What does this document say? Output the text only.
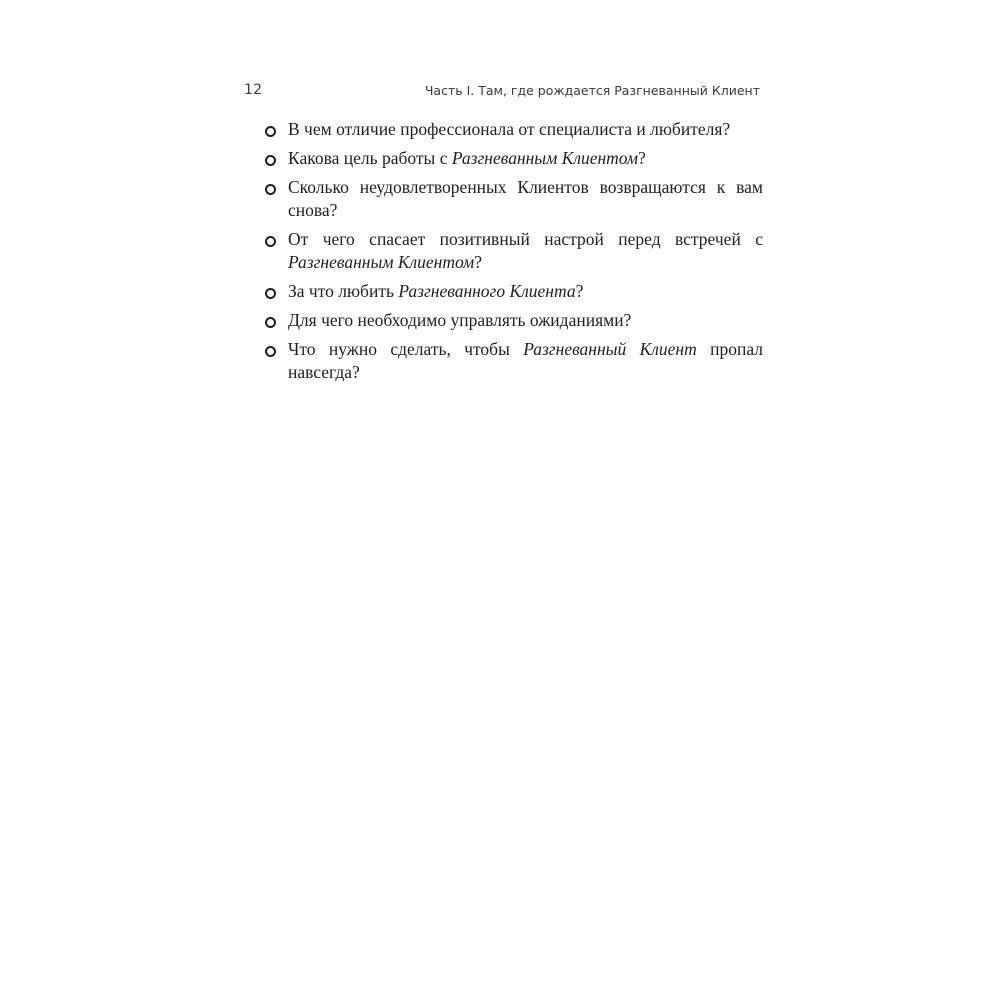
12	Часть I. Там, где рождается Разгневанный Клиент
В чем отличие профессионала от специалиста и любителя?
Какова цель работы с Разгневанным Клиентом?
Сколько неудовлетворенных Клиентов возвращаются к вам снова?
От чего спасает позитивный настрой перед встречей с Разгневанным Клиентом?
За что любить Разгневанного Клиента?
Для чего необходимо управлять ожиданиями?
Что нужно сделать, чтобы Разгневанный Клиент пропал навсегда?
